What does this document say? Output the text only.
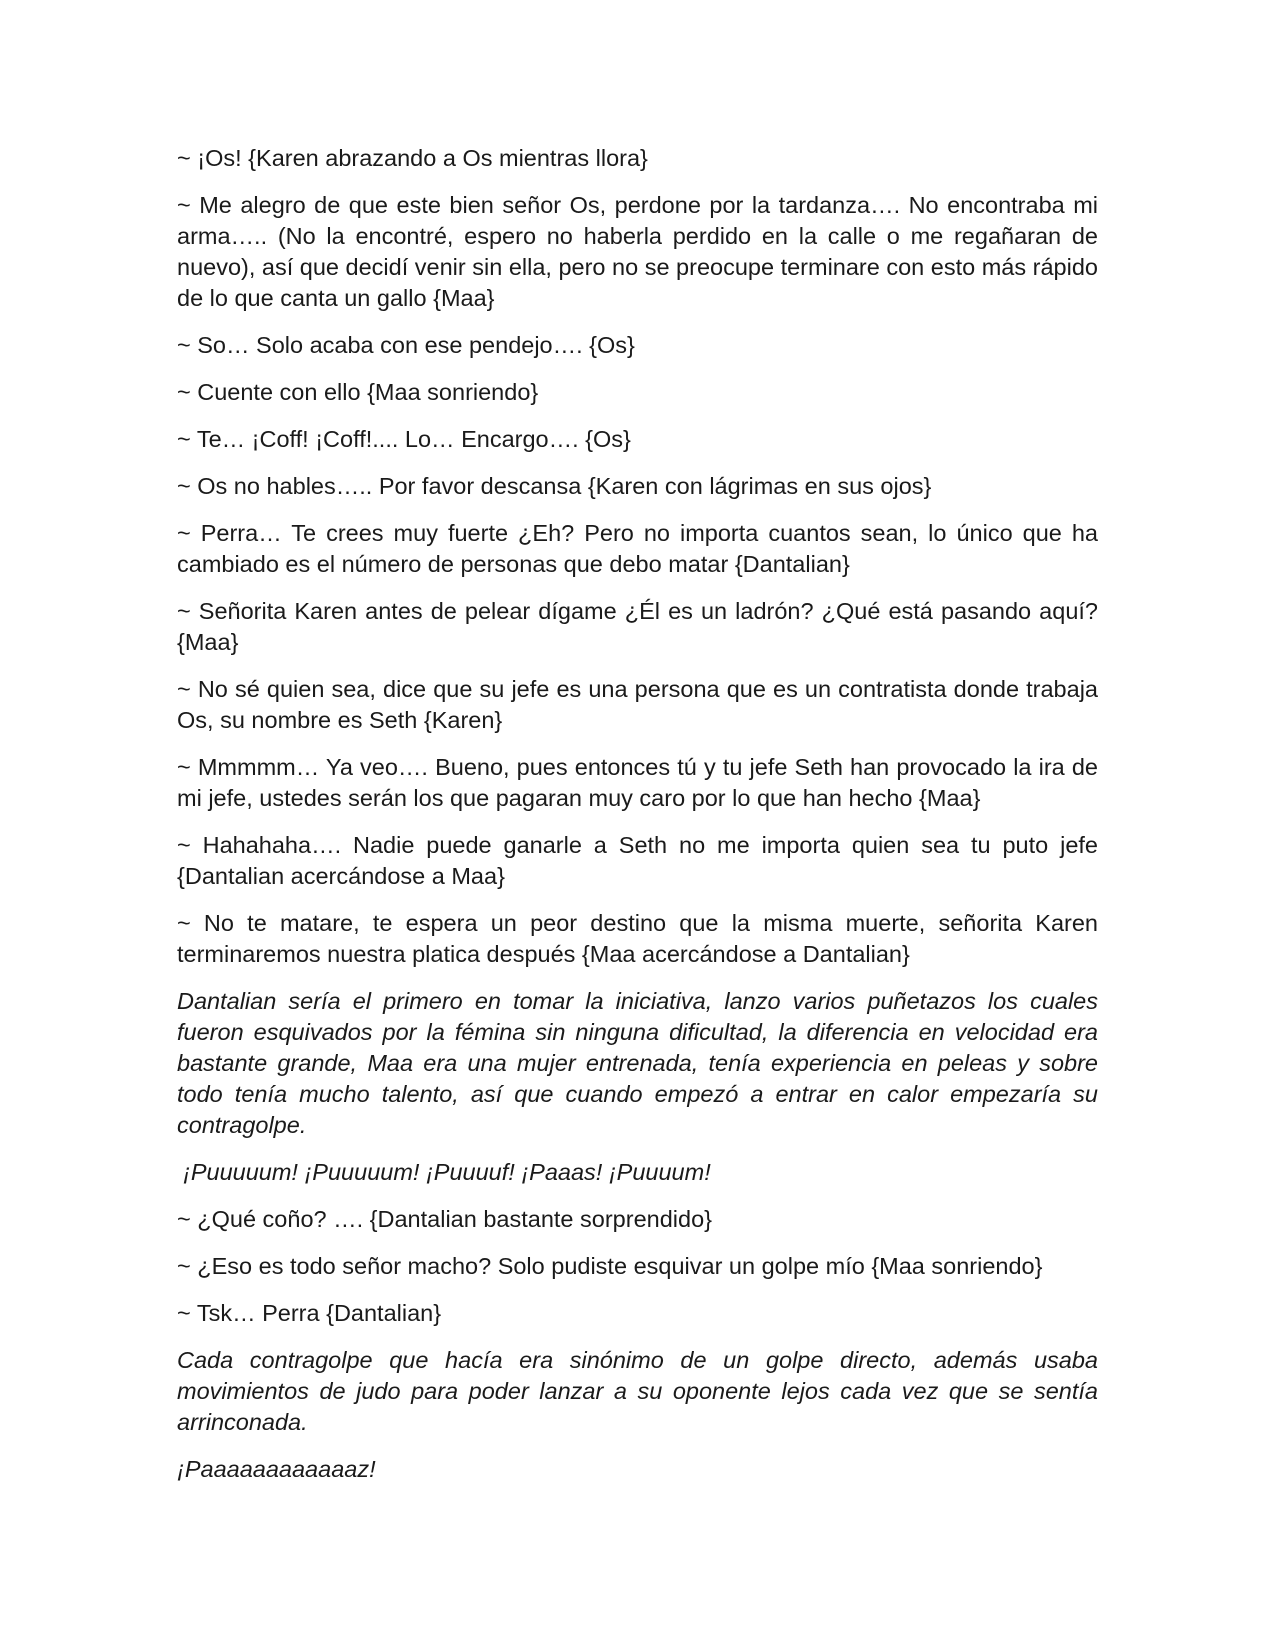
~ ¡Os! {Karen abrazando a Os mientras llora}

~ Me alegro de que este bien señor Os, perdone por la tardanza…. No encontraba mi arma….. (No la encontré, espero no haberla perdido en la calle o me regañaran de nuevo), así que decidí venir sin ella, pero no se preocupe terminare con esto más rápido de lo que canta un gallo {Maa}

~ So… Solo acaba con ese pendejo…. {Os}

~ Cuente con ello {Maa sonriendo}

~ Te… ¡Coff! ¡Coff!.... Lo… Encargo…. {Os}

~ Os no hables….. Por favor descansa {Karen con lágrimas en sus ojos}

~ Perra… Te crees muy fuerte ¿Eh? Pero no importa cuantos sean, lo único que ha cambiado es el número de personas que debo matar {Dantalian}

~ Señorita Karen antes de pelear dígame ¿Él es un ladrón? ¿Qué está pasando aquí? {Maa}

~ No sé quien sea, dice que su jefe es una persona que es un contratista donde trabaja Os, su nombre es Seth {Karen}

~ Mmmmm… Ya veo…. Bueno, pues entonces tú y tu jefe Seth han provocado la ira de mi jefe, ustedes serán los que pagaran muy caro por lo que han hecho {Maa}

~ Hahahaha…. Nadie puede ganarle a Seth no me importa quien sea tu puto jefe {Dantalian acercándose a Maa}

~ No te matare, te espera un peor destino que la misma muerte, señorita Karen terminaremos nuestra platica después {Maa acercándose a Dantalian}

Dantalian sería el primero en tomar la iniciativa, lanzo varios puñetazos los cuales fueron esquivados por la fémina sin ninguna dificultad, la diferencia en velocidad era bastante grande, Maa era una mujer entrenada, tenía experiencia en peleas y sobre todo tenía mucho talento, así que cuando empezó a entrar en calor empezaría su contragolpe.

¡Puuuuum! ¡Puuuuum! ¡Puuuuf! ¡Paaas! ¡Puuuum!

~ ¿Qué coño? …. {Dantalian bastante sorprendido}

~ ¿Eso es todo señor macho? Solo pudiste esquivar un golpe mío {Maa sonriendo}

~ Tsk… Perra {Dantalian}

Cada contragolpe que hacía era sinónimo de un golpe directo, además usaba movimientos de judo para poder lanzar a su oponente lejos cada vez que se sentía arrinconada.

¡Paaaaaaaaaaaaz!
